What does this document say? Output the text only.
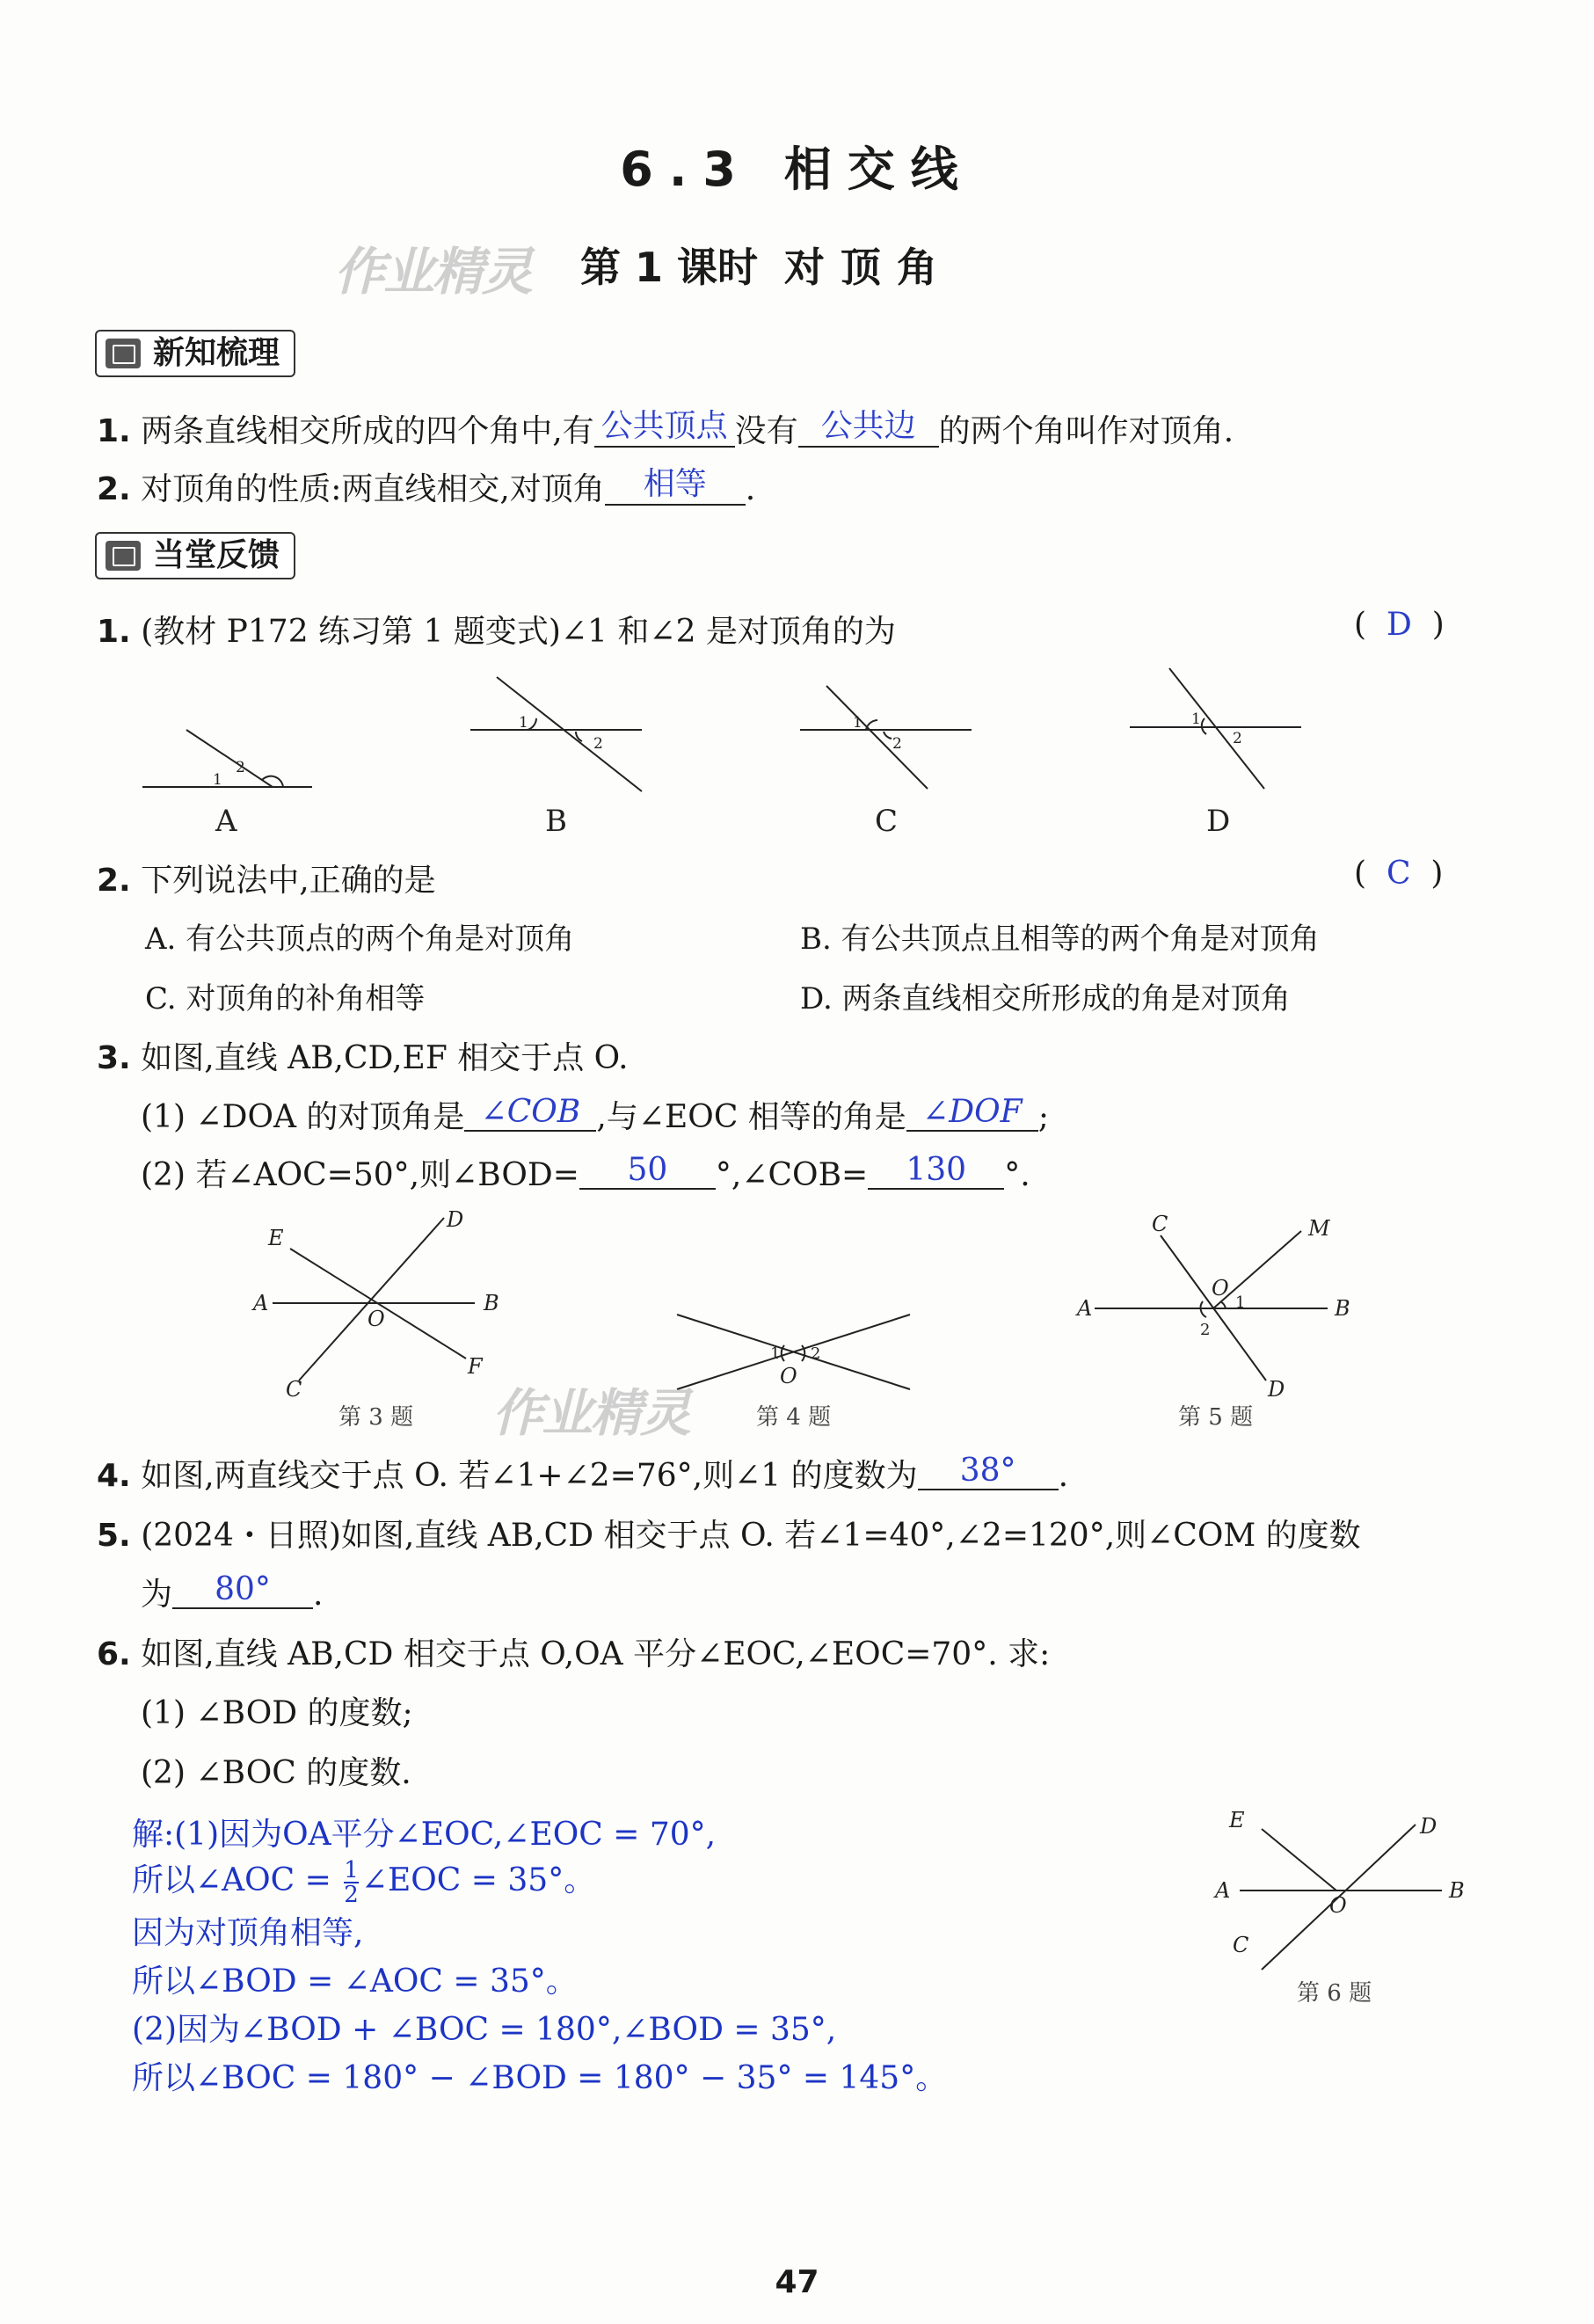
6.3 相交线
作业精灵 第 1 课时 对顶角
新知梳理
1. 两条直线相交所成的四个角中,有 公共顶点 没有 公共边 的两个角叫作对顶角.
2. 对顶角的性质:两直线相交,对顶角 相等 .
当堂反馈
1. (教材 P172 练习第 1 题变式)∠1 和∠2 是对顶角的为	(  D  )
1
2
1
2
1
2
1
2
A	B	C	D
2. 下列说法中,正确的是	(  C  )
A. 有公共顶点的两个角是对顶角	B. 有公共顶点且相等的两个角是对顶角
C. 对顶角的补角相等	D. 两条直线相交所形成的角是对顶角
3. 如图,直线 AB,CD,EF 相交于点 O.
(1) ∠DOA 的对顶角是 ∠COB ,与∠EOC 相等的角是 ∠DOF ;
(2) 若∠AOC=50°,则∠BOD= 50 °,∠COB= 130 °.
E
D
A	B
O
C
F
1 2
O
C	M
O
A	B
1
2
D
第 3 题	第 4 题	第 5 题
作业精灵
4. 如图,两直线交于点 O. 若∠1+∠2=76°,则∠1 的度数为 38° .
5. (2024・日照)如图,直线 AB,CD 相交于点 O. 若∠1=40°,∠2=120°,则∠COM 的度数
为 80° .
6. 如图,直线 AB,CD 相交于点 O,OA 平分∠EOC,∠EOC=70°. 求:
(1) ∠BOD 的度数;
(2) ∠BOC 的度数.
解:(1)因为OA平分∠EOC,∠EOC = 70°,
所以∠AOC = $\frac{1}{2}$ ∠EOC = 35°。
因为对顶角相等,
所以∠BOD = ∠AOC = 35°。
(2)因为∠BOD + ∠BOC = 180°,∠BOD = 35°,
所以∠BOC = 180° − ∠BOD = 180° − 35° = 145°。
E	D
A	B
O
C
第 6 题
47
